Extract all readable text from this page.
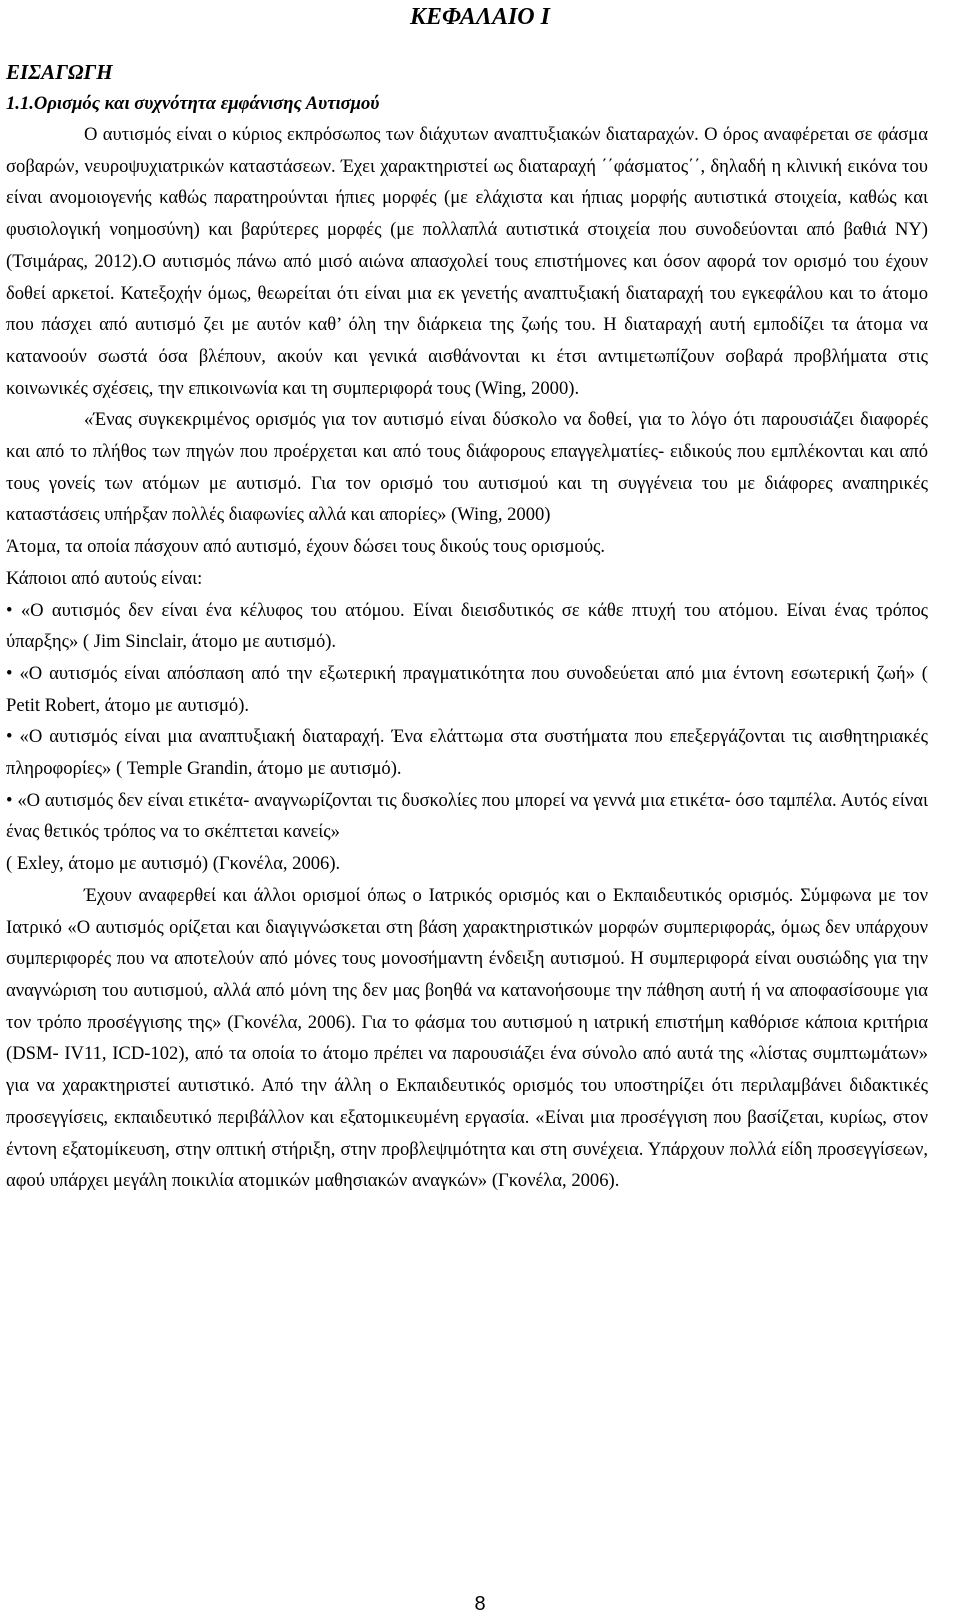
ΚΕΦΑΛΑΙΟ Ι
ΕΙΣΑΓΩΓΗ
1.1.Ορισμός και συχνότητα εμφάνισης Αυτισμού

Ο αυτισμός είναι ο κύριος εκπρόσωπος των διάχυτων αναπτυξιακών διαταραχών. Ο όρος αναφέρεται σε φάσμα σοβαρών, νευροψυχιατρικών καταστάσεων. Έχει χαρακτηριστεί ως διαταραχή ΄΄φάσματος΄΄, δηλαδή η κλινική εικόνα του είναι ανομοιογενής καθώς παρατηρούνται ήπιες μορφές (με ελάχιστα και ήπιας μορφής αυτιστικά στοιχεία, καθώς και φυσιολογική νοημοσύνη) και βαρύτερες μορφές (με πολλαπλά αυτιστικά στοιχεία που συνοδεύονται από βαθιά ΝΥ) (Τσιμάρας, 2012).Ο αυτισμός πάνω από μισό αιώνα απασχολεί τους επιστήμονες και όσον αφορά τον ορισμό του έχουν δοθεί αρκετοί. Κατεξοχήν όμως, θεωρείται ότι είναι μια εκ γενετής αναπτυξιακή διαταραχή του εγκεφάλου και το άτομο που πάσχει από αυτισμό ζει με αυτόν καθ’ όλη την διάρκεια της ζωής του. Η διαταραχή αυτή εμποδίζει τα άτομα να κατανοούν σωστά όσα βλέπουν, ακούν και γενικά αισθάνονται κι έτσι αντιμετωπίζουν σοβαρά προβλήματα στις κοινωνικές σχέσεις, την επικοινωνία και τη συμπεριφορά τους (Wing, 2000).

«Ένας συγκεκριμένος ορισμός για τον αυτισμό είναι δύσκολο να δοθεί, για το λόγο ότι παρουσιάζει διαφορές και από το πλήθος των πηγών που προέρχεται και από τους διάφορους επαγγελματίες- ειδικούς που εμπλέκονται και από τους γονείς των ατόμων με αυτισμό. Για τον ορισμό του αυτισμού και τη συγγένεια του με διάφορες αναπηρικές καταστάσεις υπήρξαν πολλές διαφωνίες αλλά και απορίες» (Wing, 2000)

Άτομα, τα οποία πάσχουν από αυτισμό, έχουν δώσει τους δικούς τους ορισμούς.

Κάποιοι από αυτούς είναι:

• «Ο αυτισμός δεν είναι ένα κέλυφος του ατόμου. Είναι διεισδυτικός σε κάθε πτυχή του ατόμου. Είναι ένας τρόπος ύπαρξης» ( Jim Sinclair, άτομο με αυτισμό).

• «Ο αυτισμός είναι απόσπαση από την εξωτερική πραγματικότητα που συνοδεύεται από μια έντονη εσωτερική ζωή» ( Petit Robert, άτομο με αυτισμό).

• «Ο αυτισμός είναι μια αναπτυξιακή διαταραχή. Ένα ελάττωμα στα συστήματα που επεξεργάζονται τις αισθητηριακές πληροφορίες» ( Temple Grandin, άτομο με αυτισμό).

• «Ο αυτισμός δεν είναι ετικέτα- αναγνωρίζονται τις δυσκολίες που μπορεί να γεννά μια ετικέτα- όσο ταμπέλα. Αυτός είναι ένας θετικός τρόπος να το σκέπτεται κανείς»

( Exley, άτομο με αυτισμό) (Γκονέλα, 2006).

Έχουν αναφερθεί και άλλοι ορισμοί όπως ο Ιατρικός ορισμός και ο Εκπαιδευτικός ορισμός. Σύμφωνα με τον Ιατρικό «Ο αυτισμός ορίζεται και διαγιγνώσκεται στη βάση χαρακτηριστικών μορφών συμπεριφοράς, όμως δεν υπάρχουν συμπεριφορές που να αποτελούν από μόνες τους μονοσήμαντη ένδειξη αυτισμού. Η συμπεριφορά είναι ουσιώδης για την αναγνώριση του αυτισμού, αλλά από μόνη της δεν μας βοηθά να κατανοήσουμε την πάθηση αυτή ή να αποφασίσουμε για τον τρόπο προσέγγισης της» (Γκονέλα, 2006). Για το φάσμα του αυτισμού η ιατρική επιστήμη καθόρισε κάποια κριτήρια (DSM- IV11, ICD-102), από τα οποία το άτομο πρέπει να παρουσιάζει ένα σύνολο από αυτά της «λίστας συμπτωμάτων» για να χαρακτηριστεί αυτιστικό. Από την άλλη ο Εκπαιδευτικός ορισμός του υποστηρίζει ότι περιλαμβάνει διδακτικές προσεγγίσεις, εκπαιδευτικό περιβάλλον και εξατομικευμένη εργασία. «Είναι μια προσέγγιση που βασίζεται, κυρίως, στον έντονη εξατομίκευση, στην οπτική στήριξη, στην προβλεψιμότητα και στη συνέχεια. Υπάρχουν πολλά είδη προσεγγίσεων, αφού υπάρχει μεγάλη ποικιλία ατομικών μαθησιακών αναγκών» (Γκονέλα, 2006).

8
